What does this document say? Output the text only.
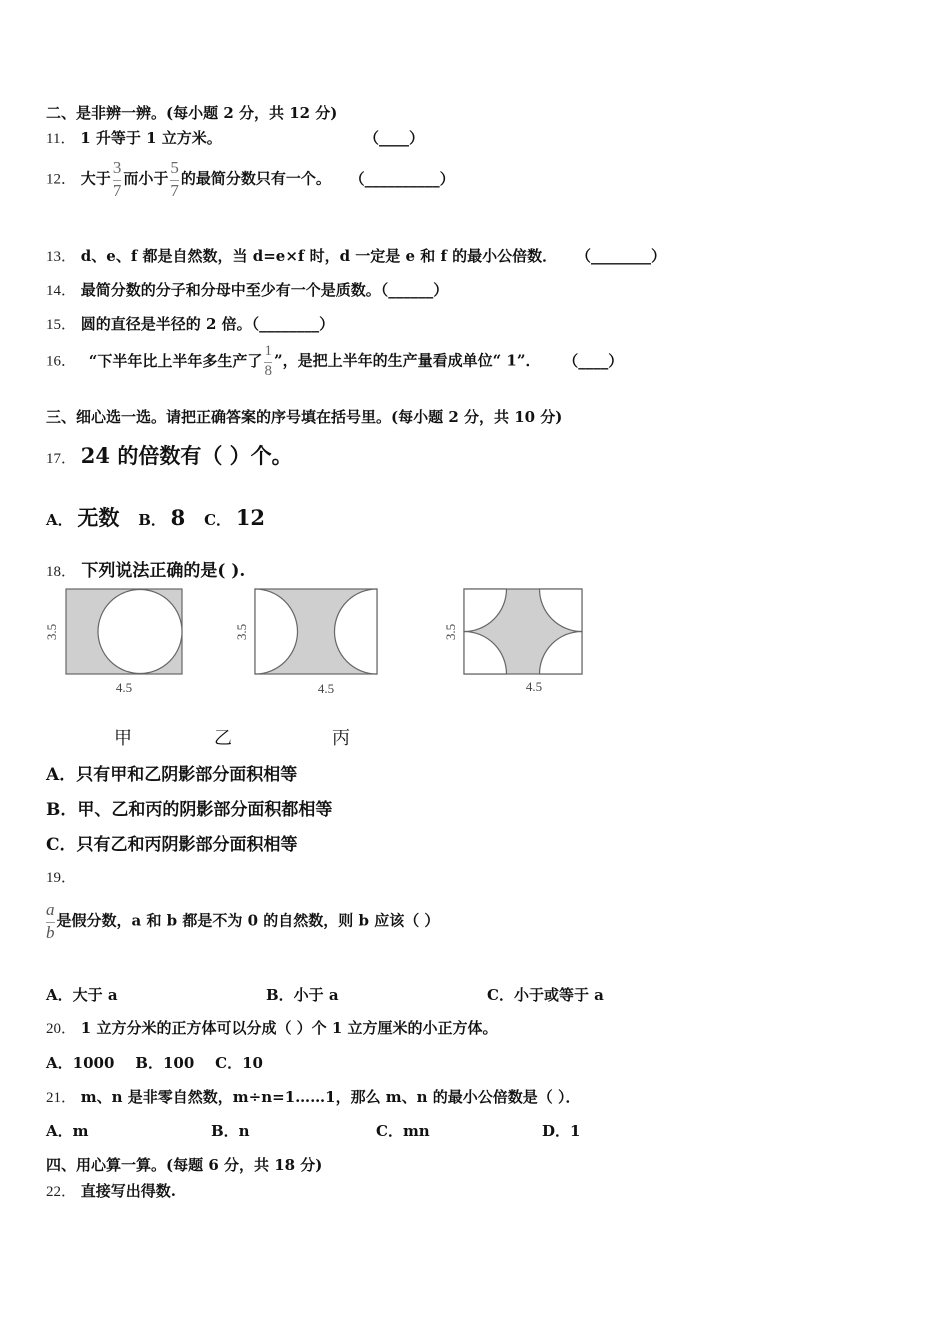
二、是非辨一辨。(每小题 2 分，共 12 分)
11． 1 升等于 1 立方米。	（____）
12． 大于 $\frac{3}{7}$ 而小于 $\frac{5}{7}$ 的最简分数只有一个。 （__________）
13． d、e、f 都是自然数，当 d=e×f 时，d 一定是 e 和 f 的最小公倍数． （________）
14． 最简分数的分子和分母中至少有一个是质数。（______）
15． 圆的直径是半径的 2 倍。（________）
16． “下半年比上半年多生产了 $\frac{1}{8}$ ”，是把上半年的生产量看成单位“ 1”． （____）
三、细心选一选。请把正确答案的序号填在括号里。(每小题 2 分，共 10 分)
17． 24 的倍数有（ ）个。
A． 无数 B． 8 C． 12
18． 下列说法正确的是( ).
3.5
4.5
3.5
4.5
3.5
4.5
甲	乙	丙
A．只有甲和乙阴影部分面积相等
B．甲、乙和丙的阴影部分面积都相等
C．只有乙和丙阴影部分面积相等
19．
$\frac{a}{b}$ 是假分数，a 和 b 都是不为 0 的自然数，则 b 应该（ ）
A．大于 a	B．小于 a	C．小于或等于 a
20． 1 立方分米的正方体可以分成（ ）个 1 立方厘米的小正方体。
A．1000    B．100    C．10
21． m、n 是非零自然数，m÷n=1……1，那么 m、n 的最小公倍数是（ ）．
A．m	B．n	C．mn	D．1
四、用心算一算。(每题 6 分，共 18 分)
22． 直接写出得数.
